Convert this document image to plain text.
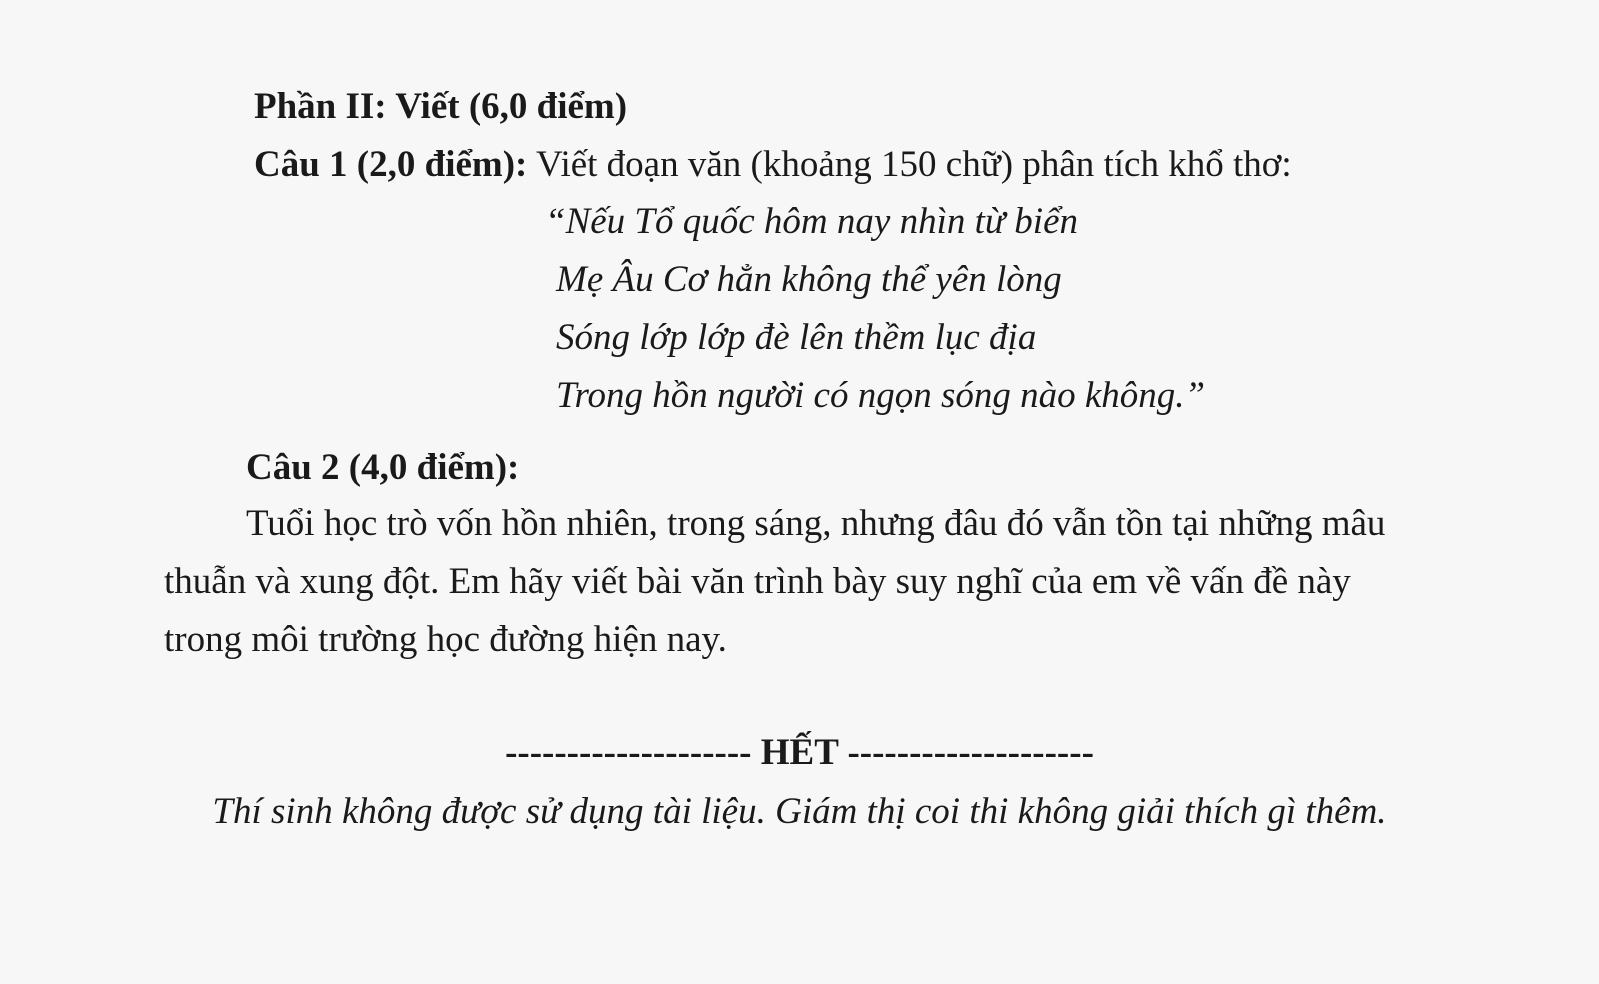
Phần II: Viết (6,0 điểm)
Câu 1 (2,0 điểm): Viết đoạn văn (khoảng 150 chữ) phân tích khổ thơ:
“Nếu Tổ quốc hôm nay nhìn từ biển
Mẹ Âu Cơ hẳn không thể yên lòng
Sóng lớp lớp đè lên thềm lục địa
Trong hồn người có ngọn sóng nào không.”
Câu 2 (4,0 điểm):
Tuổi học trò vốn hồn nhiên, trong sáng, nhưng đâu đó vẫn tồn tại những mâu
thuẫn và xung đột. Em hãy viết bài văn trình bày suy nghĩ của em về vấn đề này
trong môi trường học đường hiện nay.
-------------------- HẾT --------------------
Thí sinh không được sử dụng tài liệu. Giám thị coi thi không giải thích gì thêm.
